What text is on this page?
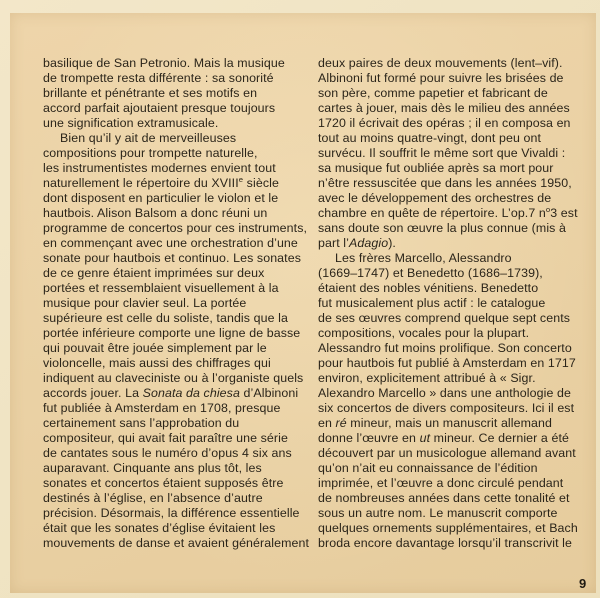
basilique de San Petronio. Mais la musique
de trompette resta différente : sa sonorité
brillante et pénétrante et ses motifs en
accord parfait ajoutaient presque toujours
une signification extramusicale.
Bien qu’il y ait de merveilleuses
compositions pour trompette naturelle,
les instrumentistes modernes envient tout
naturellement le répertoire du XVIIIe siècle
dont disposent en particulier le violon et le
hautbois. Alison Balsom a donc réuni un
programme de concertos pour ces instruments,
en commençant avec une orchestration d’une
sonate pour hautbois et continuo. Les sonates
de ce genre étaient imprimées sur deux
portées et ressemblaient visuellement à la
musique pour clavier seul. La portée
supérieure est celle du soliste, tandis que la
portée inférieure comporte une ligne de basse
qui pouvait être jouée simplement par le
violoncelle, mais aussi des chiffrages qui
indiquent au claveciniste ou à l’organiste quels
accords jouer. La Sonata da chiesa d’Albinoni
fut publiée à Amsterdam en 1708, presque
certainement sans l’approbation du
compositeur, qui avait fait paraître une série
de cantates sous le numéro d’opus 4 six ans
auparavant. Cinquante ans plus tôt, les
sonates et concertos étaient supposés être
destinés à l’église, en l’absence d’autre
précision. Désormais, la différence essentielle
était que les sonates d’église évitaient les
mouvements de danse et avaient généralement
deux paires de deux mouvements (lent–vif).
Albinoni fut formé pour suivre les brisées de
son père, comme papetier et fabricant de
cartes à jouer, mais dès le milieu des années
1720 il écrivait des opéras ; il en composa en
tout au moins quatre-vingt, dont peu ont
survécu. Il souffrit le même sort que Vivaldi :
sa musique fut oubliée après sa mort pour
n’être ressuscitée que dans les années 1950,
avec le développement des orchestres de
chambre en quête de répertoire. L’op.7 $n^o3$ est
sans doute son œuvre la plus connue (mis à
part l’Adagio).
Les frères Marcello, Alessandro
(1669–1747) et Benedetto (1686–1739),
étaient des nobles vénitiens. Benedetto
fut musicalement plus actif : le catalogue
de ses œuvres comprend quelque sept cents
compositions, vocales pour la plupart.
Alessandro fut moins prolifique. Son concerto
pour hautbois fut publié à Amsterdam en 1717
environ, explicitement attribué à « Sigr.
Alexandro Marcello » dans une anthologie de
six concertos de divers compositeurs. Ici il est
en ré mineur, mais un manuscrit allemand
donne l’œuvre en ut mineur. Ce dernier a été
découvert par un musicologue allemand avant
qu’on n’ait eu connaissance de l’édition
imprimée, et l’œuvre a donc circulé pendant
de nombreuses années dans cette tonalité et
sous un autre nom. Le manuscrit comporte
quelques ornements supplémentaires, et Bach
broda encore davantage lorsqu’il transcrivit le
9
